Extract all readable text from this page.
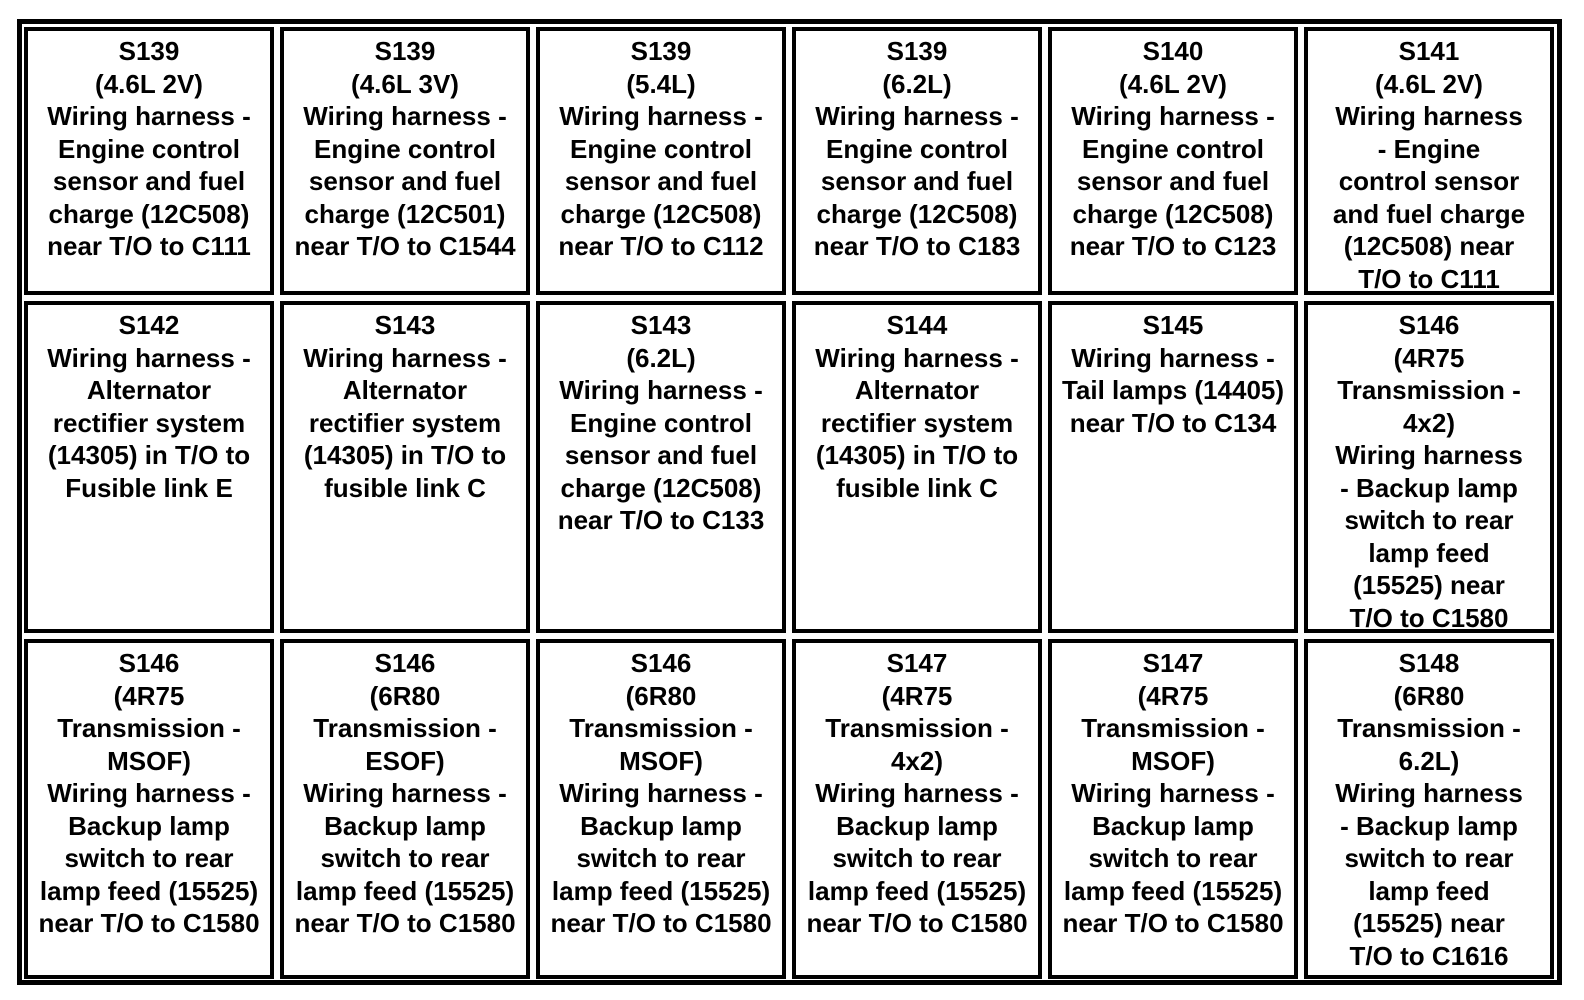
S139
(4.6L 2V)
Wiring harness -
Engine control
sensor and fuel
charge (12C508)
near T/O to C111
S139
(4.6L 3V)
Wiring harness -
Engine control
sensor and fuel
charge (12C501)
near T/O to C1544
S139
(5.4L)
Wiring harness -
Engine control
sensor and fuel
charge (12C508)
near T/O to C112
S139
(6.2L)
Wiring harness -
Engine control
sensor and fuel
charge (12C508)
near T/O to C183
S140
(4.6L 2V)
Wiring harness -
Engine control
sensor and fuel
charge (12C508)
near T/O to C123
S141
(4.6L 2V)
Wiring harness
- Engine
control sensor
and fuel charge
(12C508) near
T/O to C111
S142
Wiring harness -
Alternator
rectifier system
(14305) in T/O to
Fusible link E
S143
Wiring harness -
Alternator
rectifier system
(14305) in T/O to
fusible link C
S143
(6.2L)
Wiring harness -
Engine control
sensor and fuel
charge (12C508)
near T/O to C133
S144
Wiring harness -
Alternator
rectifier system
(14305) in T/O to
fusible link C
S145
Wiring harness -
Tail lamps (14405)
near T/O to C134
S146
(4R75
Transmission -
4x2)
Wiring harness
- Backup lamp
switch to rear
lamp feed
(15525) near
T/O to C1580
S146
(4R75
Transmission -
MSOF)
Wiring harness -
Backup lamp
switch to rear
lamp feed (15525)
near T/O to C1580
S146
(6R80
Transmission -
ESOF)
Wiring harness -
Backup lamp
switch to rear
lamp feed (15525)
near T/O to C1580
S146
(6R80
Transmission -
MSOF)
Wiring harness -
Backup lamp
switch to rear
lamp feed (15525)
near T/O to C1580
S147
(4R75
Transmission -
4x2)
Wiring harness -
Backup lamp
switch to rear
lamp feed (15525)
near T/O to C1580
S147
(4R75
Transmission -
MSOF)
Wiring harness -
Backup lamp
switch to rear
lamp feed (15525)
near T/O to C1580
S148
(6R80
Transmission -
6.2L)
Wiring harness
- Backup lamp
switch to rear
lamp feed
(15525) near
T/O to C1616
